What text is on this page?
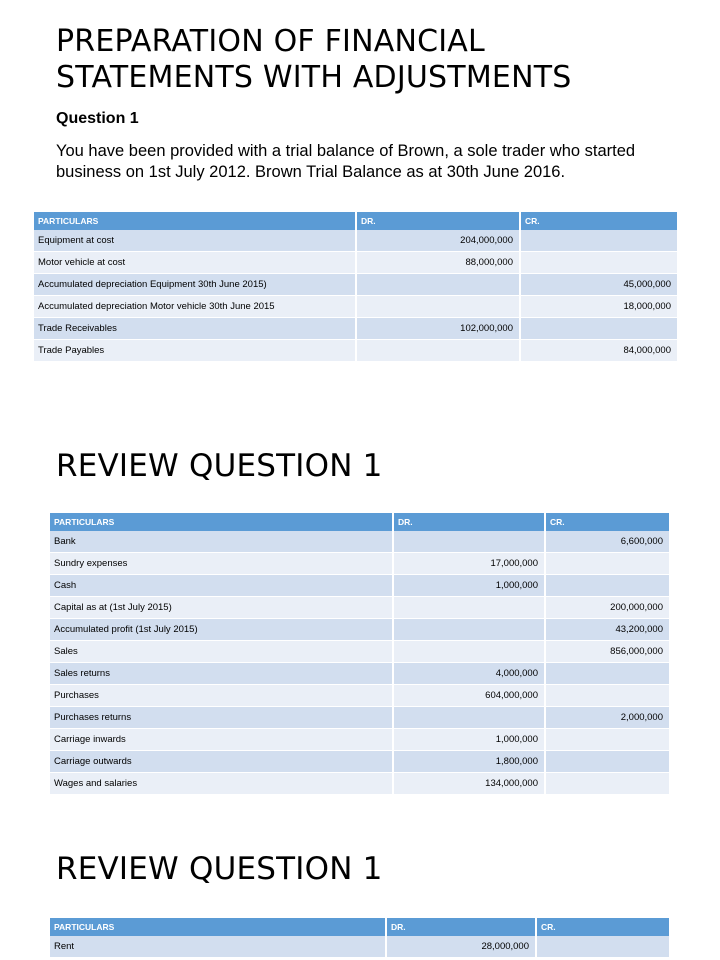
PREPARATION OF FINANCIAL STATEMENTS WITH ADJUSTMENTS
Question 1
You have been provided with a trial balance of Brown, a sole trader who started business on 1st July 2012. Brown Trial Balance as at 30th June 2016.
PARTICULARS	DR.	CR.
Equipment at cost	204,000,000	
Motor vehicle at cost	88,000,000	
Accumulated depreciation Equipment 30th June 2015)		45,000,000
Accumulated depreciation Motor vehicle 30th June 2015		18,000,000
Trade Receivables	102,000,000	
Trade Payables		84,000,000
REVIEW QUESTION 1
PARTICULARS	DR.	CR.
Bank		6,600,000
Sundry expenses	17,000,000	
Cash	1,000,000	
Capital as at (1st July 2015)		200,000,000
Accumulated profit (1st July 2015)		43,200,000
Sales		856,000,000
Sales returns	4,000,000	
Purchases	604,000,000	
Purchases returns		2,000,000
Carriage inwards	1,000,000	
Carriage outwards	1,800,000	
Wages and salaries	134,000,000	
REVIEW QUESTION 1
PARTICULARS	DR.	CR.
Rent	28,000,000	
